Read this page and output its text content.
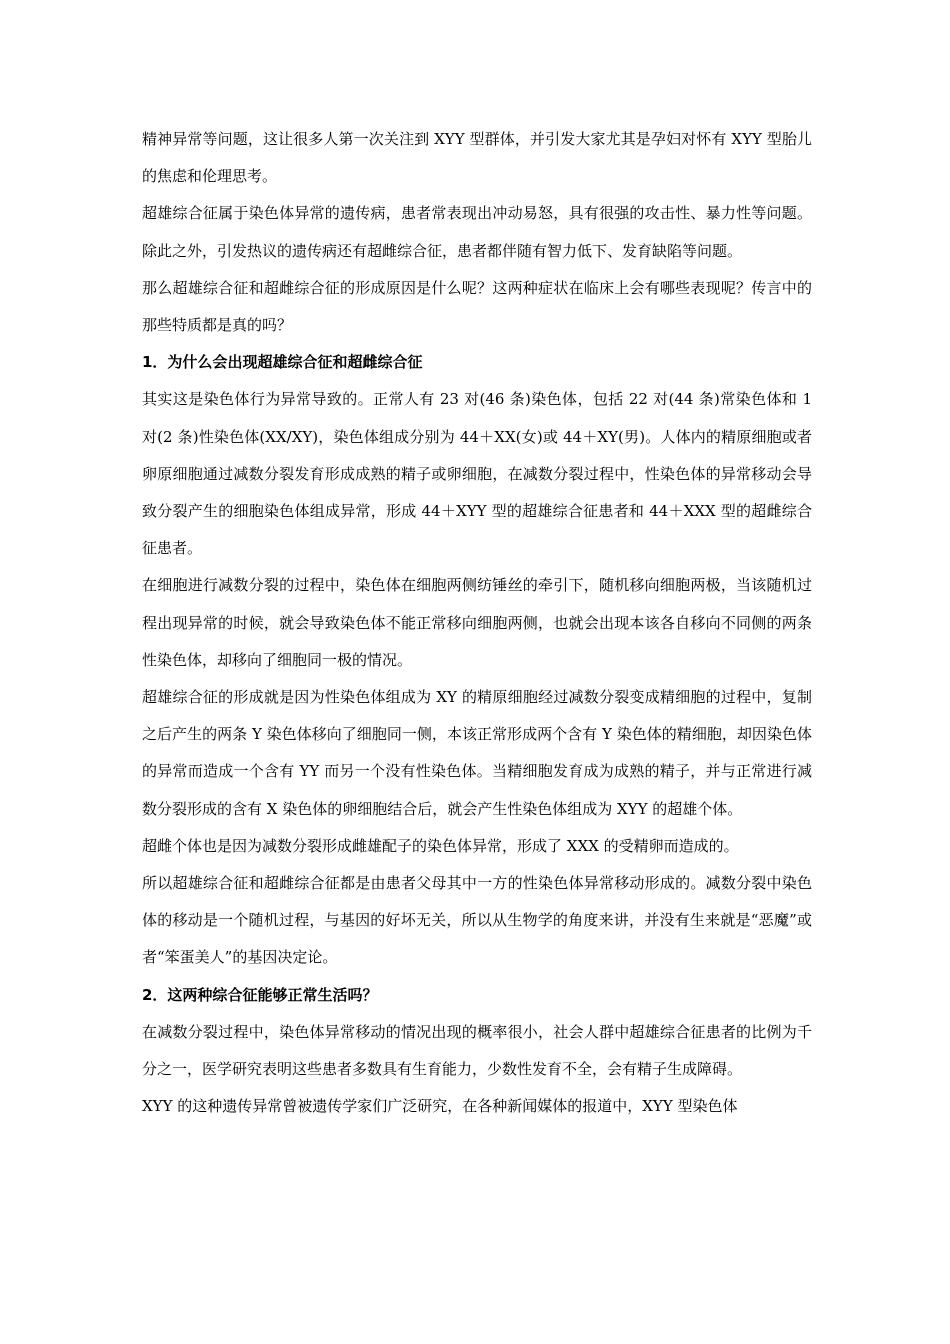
精神异常等问题，这让很多人第一次关注到 XYY 型群体，并引发大家尤其是孕妇对怀有 XYY 型胎儿的焦虑和伦理思考。

超雄综合征属于染色体异常的遗传病，患者常表现出冲动易怒，具有很强的攻击性、暴力性等问题。除此之外，引发热议的遗传病还有超雌综合征，患者都伴随有智力低下、发育缺陷等问题。

那么超雄综合征和超雌综合征的形成原因是什么呢？这两种症状在临床上会有哪些表现呢？传言中的那些特质都是真的吗？

1．为什么会出现超雄综合征和超雌综合征

其实这是染色体行为异常导致的。正常人有 23 对(46 条)染色体，包括 22 对(44 条)常染色体和 1 对(2 条)性染色体(XX/XY)，染色体组成分别为 44＋XX(女)或 44＋XY(男)。人体内的精原细胞或者卵原细胞通过减数分裂发育形成成熟的精子或卵细胞，在减数分裂过程中，性染色体的异常移动会导致分裂产生的细胞染色体组成异常，形成 44＋XYY 型的超雄综合征患者和 44＋XXX 型的超雌综合征患者。

在细胞进行减数分裂的过程中，染色体在细胞两侧纺锤丝的牵引下，随机移向细胞两极，当该随机过程出现异常的时候，就会导致染色体不能正常移向细胞两侧，也就会出现本该各自移向不同侧的两条性染色体，却移向了细胞同一极的情况。

超雄综合征的形成就是因为性染色体组成为 XY 的精原细胞经过减数分裂变成精细胞的过程中，复制之后产生的两条 Y 染色体移向了细胞同一侧，本该正常形成两个含有 Y 染色体的精细胞，却因染色体的异常而造成一个含有 YY 而另一个没有性染色体。当精细胞发育成为成熟的精子，并与正常进行减数分裂形成的含有 X 染色体的卵细胞结合后，就会产生性染色体组成为 XYY 的超雄个体。

超雌个体也是因为减数分裂形成雌雄配子的染色体异常，形成了 XXX 的受精卵而造成的。

所以超雄综合征和超雌综合征都是由患者父母其中一方的性染色体异常移动形成的。减数分裂中染色体的移动是一个随机过程，与基因的好坏无关，所以从生物学的角度来讲，并没有生来就是“恶魔”或者“笨蛋美人”的基因决定论。

2．这两种综合征能够正常生活吗？

在减数分裂过程中，染色体异常移动的情况出现的概率很小，社会人群中超雄综合征患者的比例为千分之一，医学研究表明这些患者多数具有生育能力，少数性发育不全，会有精子生成障碍。

XYY 的这种遗传异常曾被遗传学家们广泛研究，在各种新闻媒体的报道中，XYY 型染色体
